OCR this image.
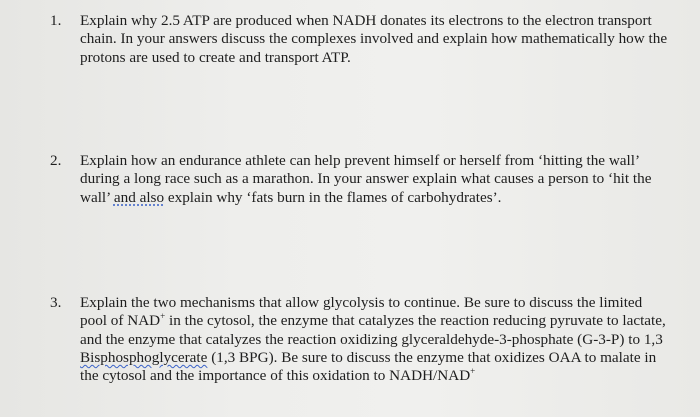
1.	Explain why 2.5 ATP are produced when NADH donates its electrons to the electron transport chain. In your answers discuss the complexes involved and explain how mathematically how the protons are used to create and transport ATP.
2.	Explain how an endurance athlete can help prevent himself or herself from ‘hitting the wall’ during a long race such as a marathon. In your answer explain what causes a person to ‘hit the wall’ and also explain why ‘fats burn in the flames of carbohydrates’.
3.	Explain the two mechanisms that allow glycolysis to continue. Be sure to discuss the limited pool of NAD+ in the cytosol, the enzyme that catalyzes the reaction reducing pyruvate to lactate, and the enzyme that catalyzes the reaction oxidizing glyceraldehyde-3-phosphate (G-3-P) to 1,3 Bisphosphoglycerate (1,3 BPG). Be sure to discuss the enzyme that oxidizes OAA to malate in the cytosol and the importance of this oxidation to NADH/NAD+
